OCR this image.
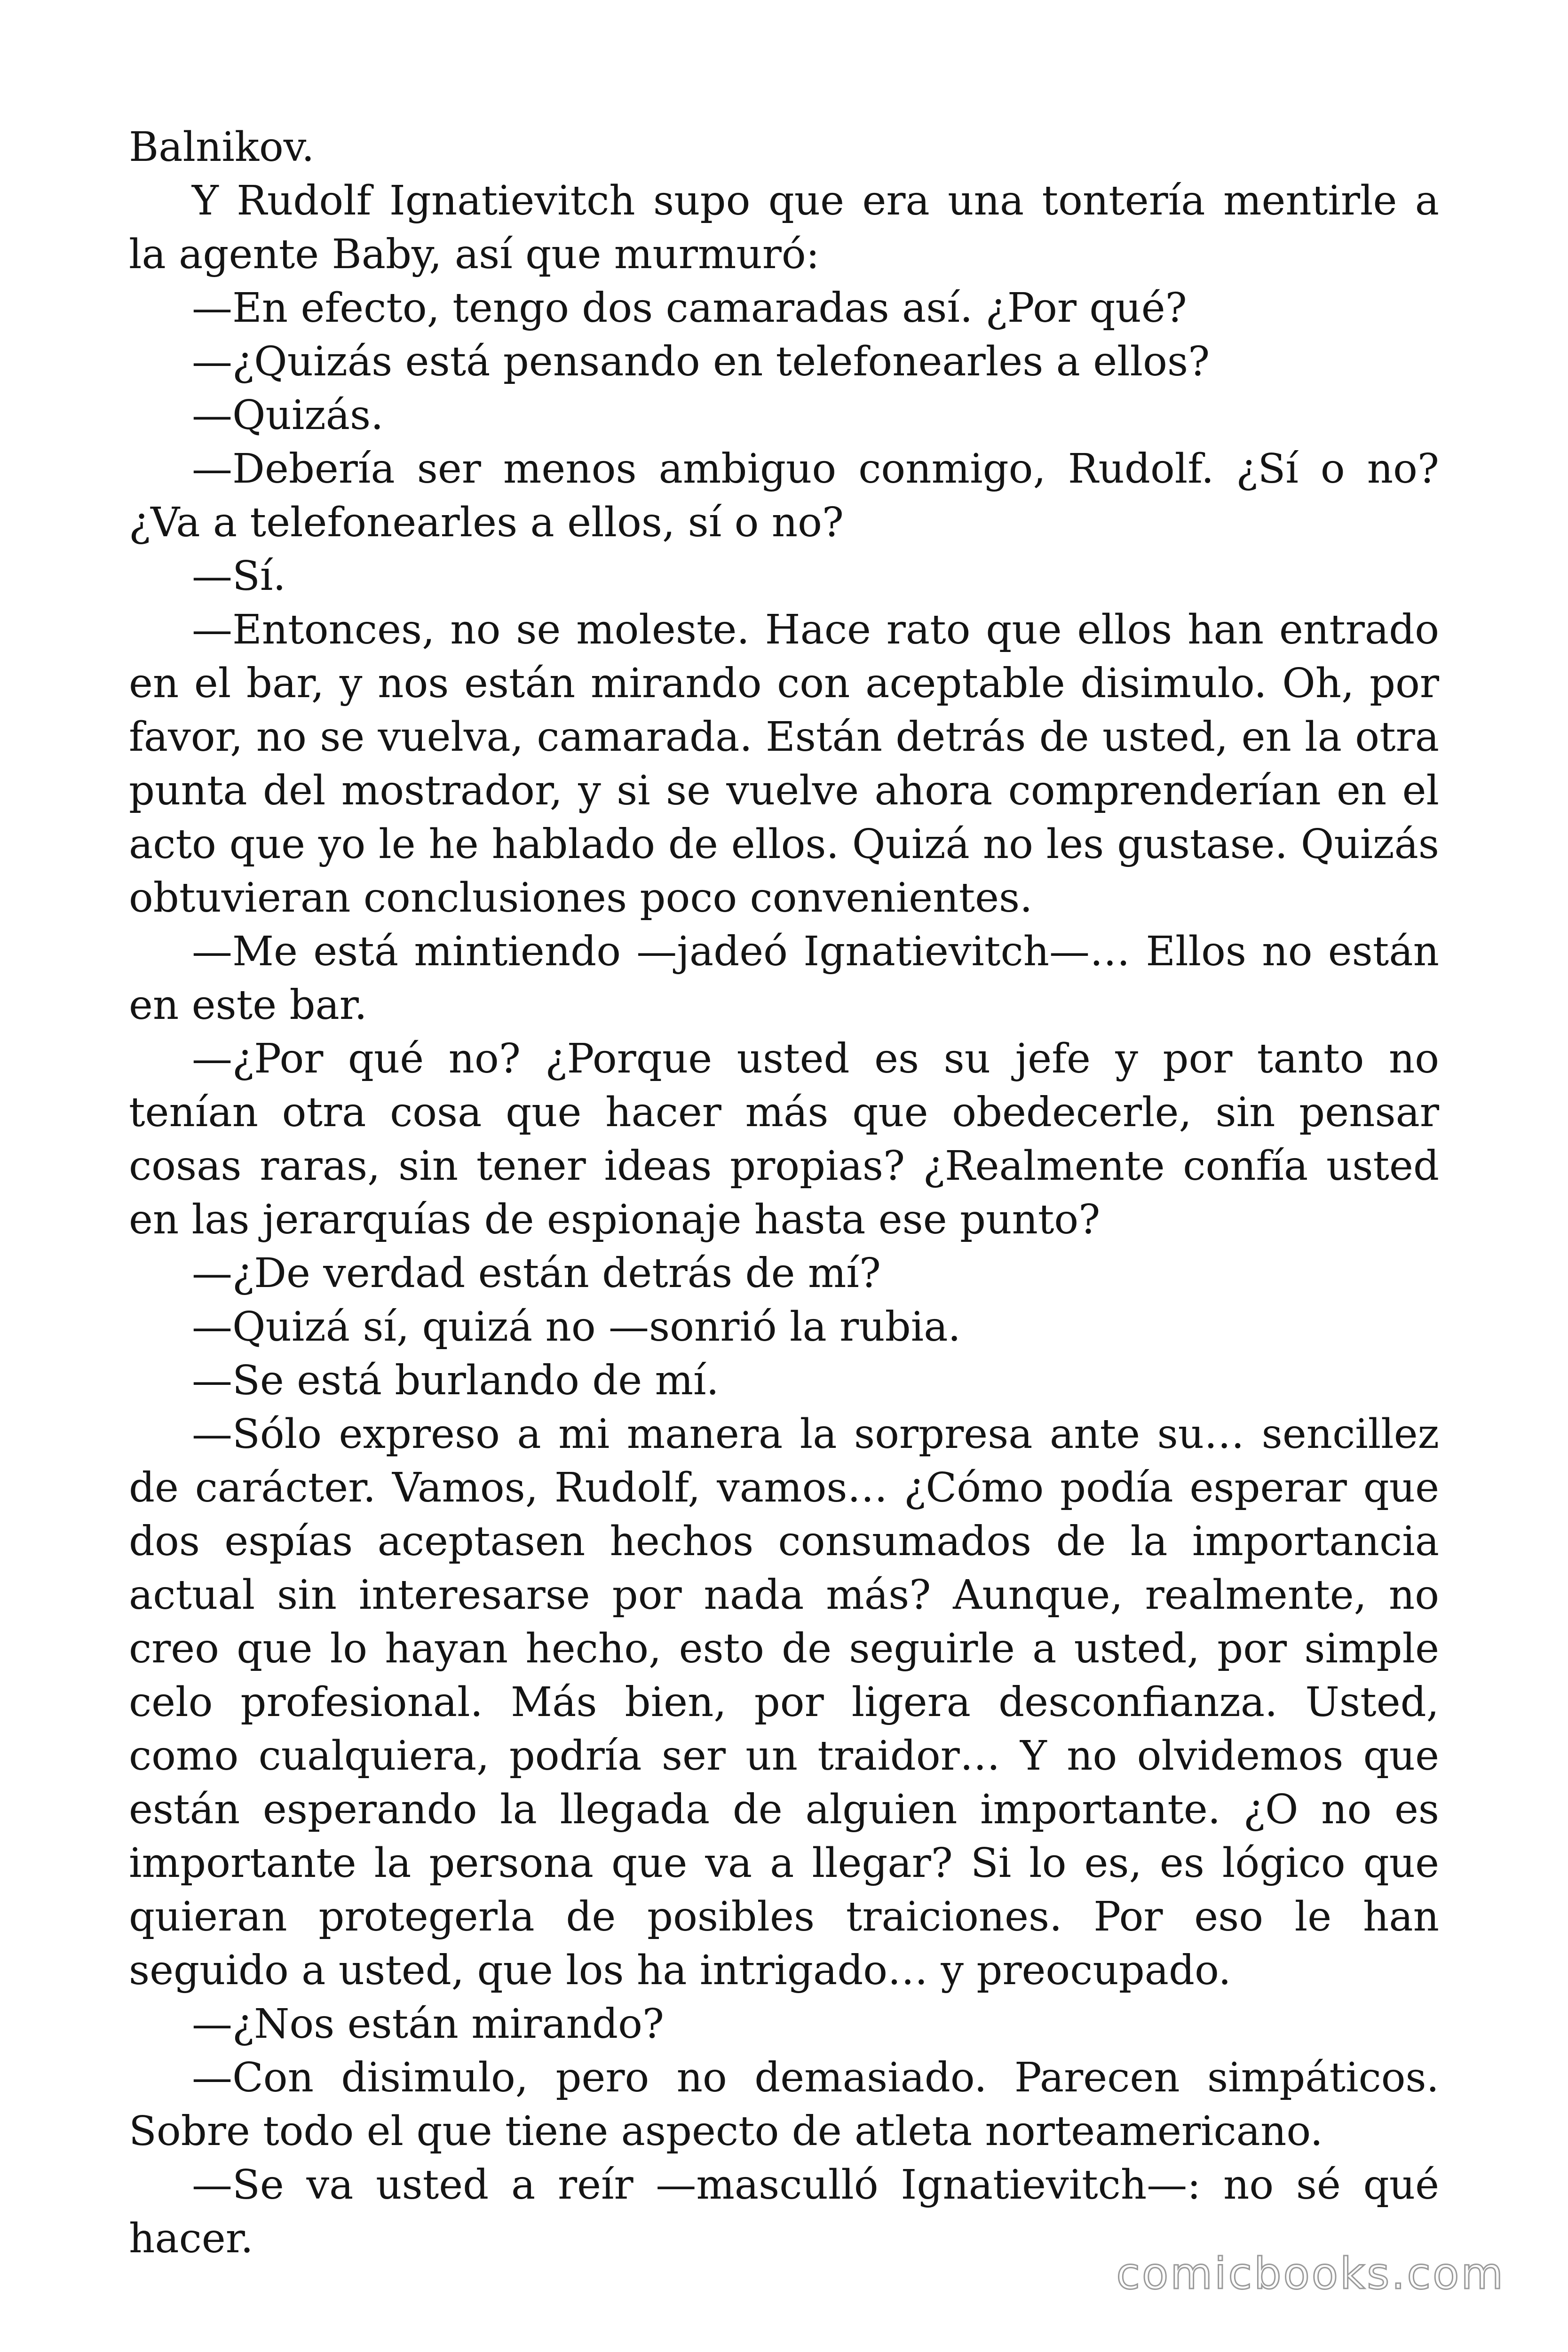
Balnikov.

Y Rudolf Ignatievitch supo que era una tontería mentirle a la agente Baby, así que murmuró:

—En efecto, tengo dos camaradas así. ¿Por qué?

—¿Quizás está pensando en telefonearles a ellos?

—Quizás.

—Debería ser menos ambiguo conmigo, Rudolf. ¿Sí o no? ¿Va a telefonearles a ellos, sí o no?

—Sí.

—Entonces, no se moleste. Hace rato que ellos han entrado en el bar, y nos están mirando con aceptable disimulo. Oh, por favor, no se vuelva, camarada. Están detrás de usted, en la otra punta del mostrador, y si se vuelve ahora comprenderían en el acto que yo le he hablado de ellos. Quizá no les gustase. Quizás obtuvieran conclusiones poco convenientes.

—Me está mintiendo —jadeó Ignatievitch—… Ellos no están en este bar.

—¿Por qué no? ¿Porque usted es su jefe y por tanto no tenían otra cosa que hacer más que obedecerle, sin pensar cosas raras, sin tener ideas propias? ¿Realmente confía usted en las jerarquías de espionaje hasta ese punto?

—¿De verdad están detrás de mí?

—Quizá sí, quizá no —sonrió la rubia.

—Se está burlando de mí.

—Sólo expreso a mi manera la sorpresa ante su… sencillez de carácter. Vamos, Rudolf, vamos… ¿Cómo podía esperar que dos espías aceptasen hechos consumados de la importancia actual sin interesarse por nada más? Aunque, realmente, no creo que lo hayan hecho, esto de seguirle a usted, por simple celo profesional. Más bien, por ligera desconfianza. Usted, como cualquiera, podría ser un traidor… Y no olvidemos que están esperando la llegada de alguien importante. ¿O no es importante la persona que va a llegar? Si lo es, es lógico que quieran protegerla de posibles traiciones. Por eso le han seguido a usted, que los ha intrigado… y preocupado.

—¿Nos están mirando?

—Con disimulo, pero no demasiado. Parecen simpáticos. Sobre todo el que tiene aspecto de atleta norteamericano.

—Se va usted a reír —masculló Ignatievitch—: no sé qué hacer.

comicbooks.com
